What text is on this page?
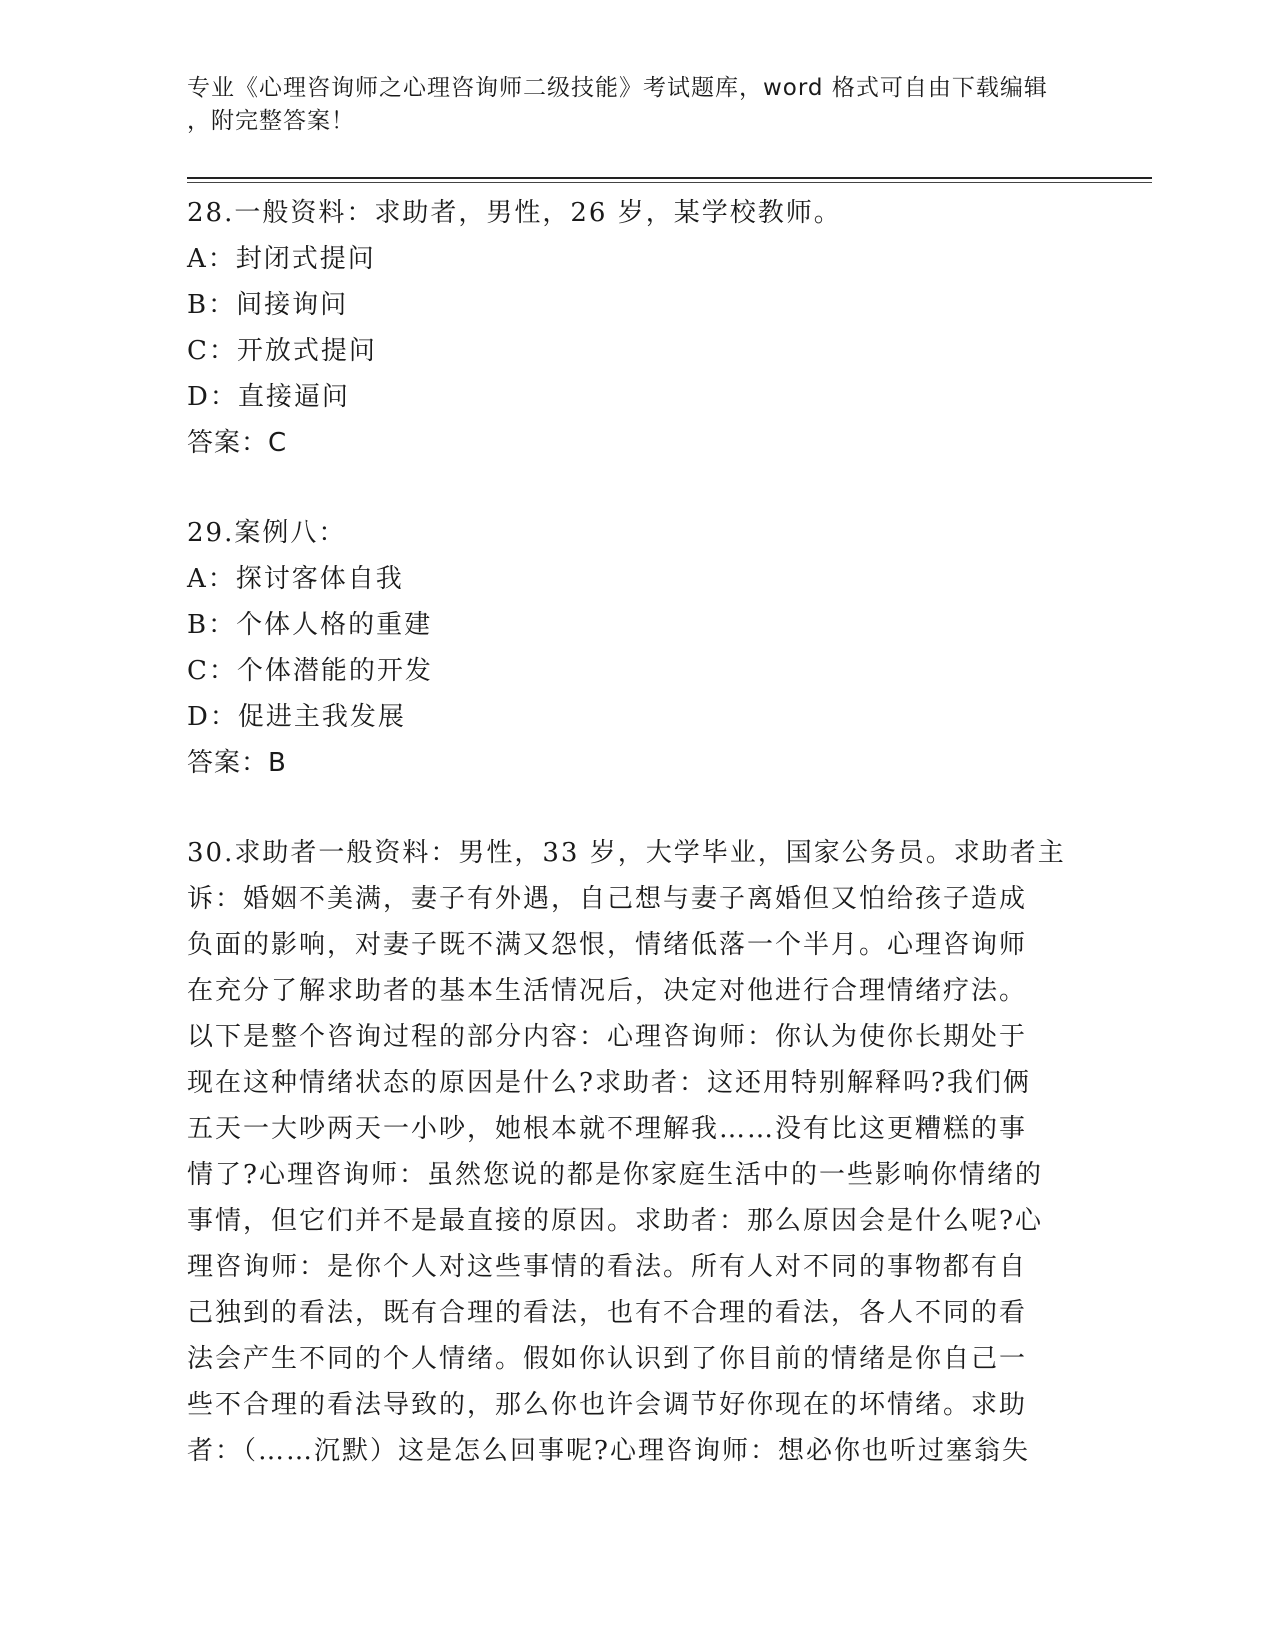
专业《心理咨询师之心理咨询师二级技能》考试题库，word 格式可自由下载编辑
，附完整答案！
28.一般资料：求助者，男性，26 岁，某学校教师。
A：封闭式提问
B：间接询问
C：开放式提问
D：直接逼问
答案：C
29.案例八：
A：探讨客体自我
B：个体人格的重建
C：个体潜能的开发
D：促进主我发展
答案：B
30.求助者一般资料：男性，33 岁，大学毕业，国家公务员。求助者主
诉：婚姻不美满，妻子有外遇，自己想与妻子离婚但又怕给孩子造成
负面的影响，对妻子既不满又怨恨，情绪低落一个半月。心理咨询师
在充分了解求助者的基本生活情况后，决定对他进行合理情绪疗法。
以下是整个咨询过程的部分内容：心理咨询师：你认为使你长期处于
现在这种情绪状态的原因是什么?求助者：这还用特别解释吗?我们俩
五天一大吵两天一小吵，她根本就不理解我……没有比这更糟糕的事
情了?心理咨询师：虽然您说的都是你家庭生活中的一些影响你情绪的
事情，但它们并不是最直接的原因。求助者：那么原因会是什么呢?心
理咨询师：是你个人对这些事情的看法。所有人对不同的事物都有自
己独到的看法，既有合理的看法，也有不合理的看法，各人不同的看
法会产生不同的个人情绪。假如你认识到了你目前的情绪是你自己一
些不合理的看法导致的，那么你也许会调节好你现在的坏情绪。求助
者：（……沉默）这是怎么回事呢?心理咨询师：想必你也听过塞翁失
